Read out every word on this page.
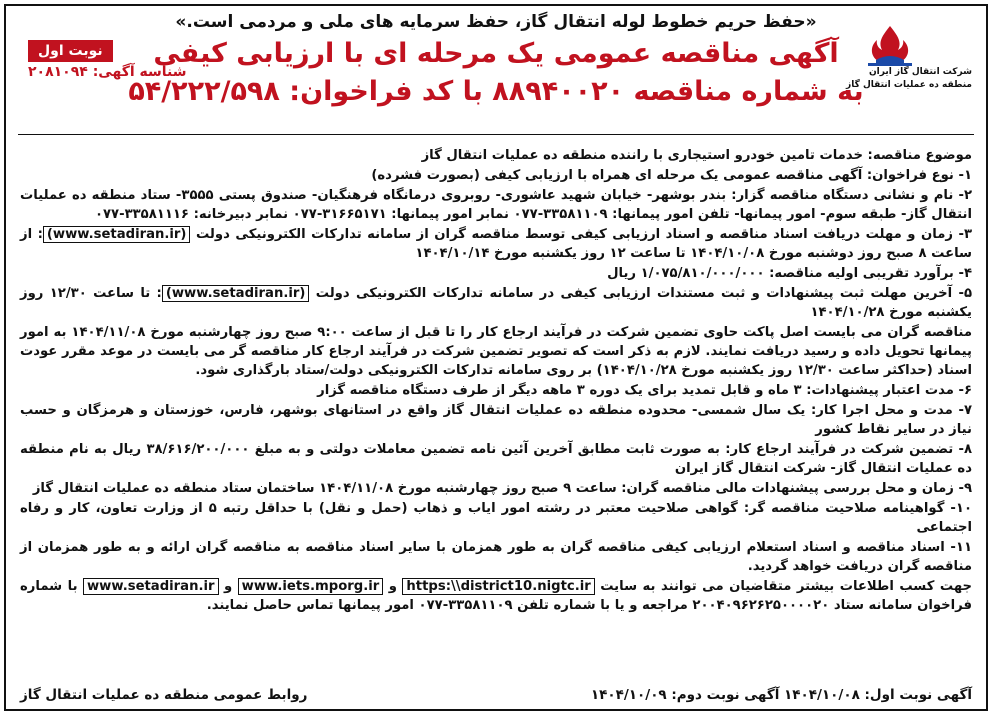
شرکت انتقال گاز ایران
منطقه ده عملیات انتقال گاز
نوبت اول
شناسه آگهی: ۲۰۸۱۰۹۴
«حفظ حریم خطوط لوله انتقال گاز، حفظ سرمایه های ملی و مردمی است.»
آگهی مناقصه عمومی یک مرحله ای با ارزیابی کیفی
به شماره مناقصه ۸۸۹۴۰۰۲۰ با کد فراخوان: ۵۴/۲۲۲/۵۹۸

موضوع مناقصه: خدمات تامین خودرو استیجاری با راننده منطقه ده عملیات انتقال گاز

۱- نوع فراخوان: آگهی مناقصه عمومی یک مرحله ای همراه با ارزیابی کیفی (بصورت فشرده)

۲- نام و نشانی دستگاه مناقصه گزار: بندر بوشهر- خیابان شهید عاشوری- روبروی درمانگاه فرهنگیان- صندوق پستی ۳۵۵۵- ستاد منطقه ده عملیات انتقال گاز- طبقه سوم- امور پیمانها- تلفن امور پیمانها: ۳۳۵۸۱۱۰۹-۰۷۷ نمابر امور پیمانها: ۳۱۶۶۵۱۷۱-۰۷۷ نمابر دبیرخانه: ۳۳۵۸۱۱۱۶-۰۷۷

۳- زمان و مهلت دریافت اسناد مناقصه و اسناد ارزیابی کیفی توسط مناقصه گران از سامانه تدارکات الکترونیکی دولت (www.setadiran.ir): از ساعت ۸ صبح روز دوشنبه مورخ ۱۴۰۴/۱۰/۰۸ تا ساعت ۱۲ روز یکشنبه مورخ ۱۴۰۴/۱۰/۱۴

۴- برآورد تقریبی اولیه مناقصه: ۱/۰۷۵/۸۱۰/۰۰۰/۰۰۰ ریال

۵- آخرین مهلت ثبت پیشنهادات و ثبت مستندات ارزیابی کیفی در سامانه تدارکات الکترونیکی دولت (www.setadiran.ir): تا ساعت ۱۲/۳۰ روز یکشنبه مورخ ۱۴۰۴/۱۰/۲۸

مناقصه گران می بایست اصل پاکت حاوی تضمین شرکت در فرآیند ارجاع کار را تا قبل از ساعت ۹:۰۰ صبح روز چهارشنبه مورخ ۱۴۰۴/۱۱/۰۸ به امور پیمانها تحویل داده و رسید دریافت نمایند. لازم به ذکر است که تصویر تضمین شرکت در فرآیند ارجاع کار مناقصه گر می بایست در موعد مقرر عودت اسناد (حداکثر ساعت ۱۲/۳۰ روز یکشنبه مورخ ۱۴۰۴/۱۰/۲۸) بر روی سامانه تدارکات الکترونیکی دولت/ستاد بارگذاری شود.

۶- مدت اعتبار پیشنهادات: ۳ ماه و قابل تمدید برای یک دوره ۳ ماهه دیگر از طرف دستگاه مناقصه گزار

۷- مدت و محل اجرا کار: یک سال شمسی- محدوده منطقه ده عملیات انتقال گاز واقع در استانهای بوشهر، فارس، خوزستان و هرمزگان و حسب نیاز در سایر نقاط کشور

۸- تضمین شرکت در فرآیند ارجاع کار: به صورت ثابت مطابق آخرین آئین نامه تضمین معاملات دولتی و به مبلغ ۳۸/۶۱۶/۲۰۰/۰۰۰ ریال به نام منطقه ده عملیات انتقال گاز- شرکت انتقال گاز ایران

۹- زمان و محل بررسی پیشنهادات مالی مناقصه گران: ساعت ۹ صبح روز چهارشنبه مورخ ۱۴۰۴/۱۱/۰۸ ساختمان ستاد منطقه ده عملیات انتقال گاز

۱۰- گواهینامه صلاحیت مناقصه گر: گواهی صلاحیت معتبر در رشته امور ایاب و ذهاب (حمل و نقل) با حداقل رتبه ۵ از وزارت تعاون، کار و رفاه اجتماعی

۱۱- اسناد مناقصه و اسناد استعلام ارزیابی کیفی مناقصه گران به طور همزمان با سایر اسناد مناقصه به مناقصه گران ارائه و به طور همزمان از مناقصه گران دریافت خواهد گردید.

جهت کسب اطلاعات بیشتر متقاضیان می توانند به سایت https:\\district10.nigtc.ir و www.iets.mporg.ir و www.setadiran.ir با شماره فراخوان سامانه ستاد ۲۰۰۴۰۹۶۲۶۲۵۰۰۰۰۲۰ مراجعه و یا با شماره تلفن ۳۳۵۸۱۱۰۹-۰۷۷ امور پیمانها تماس حاصل نمایند.

آگهی نوبت اول: ۱۴۰۴/۱۰/۰۸ آگهی نوبت دوم: ۱۴۰۴/۱۰/۰۹
روابط عمومی منطقه ده عملیات انتقال گاز
